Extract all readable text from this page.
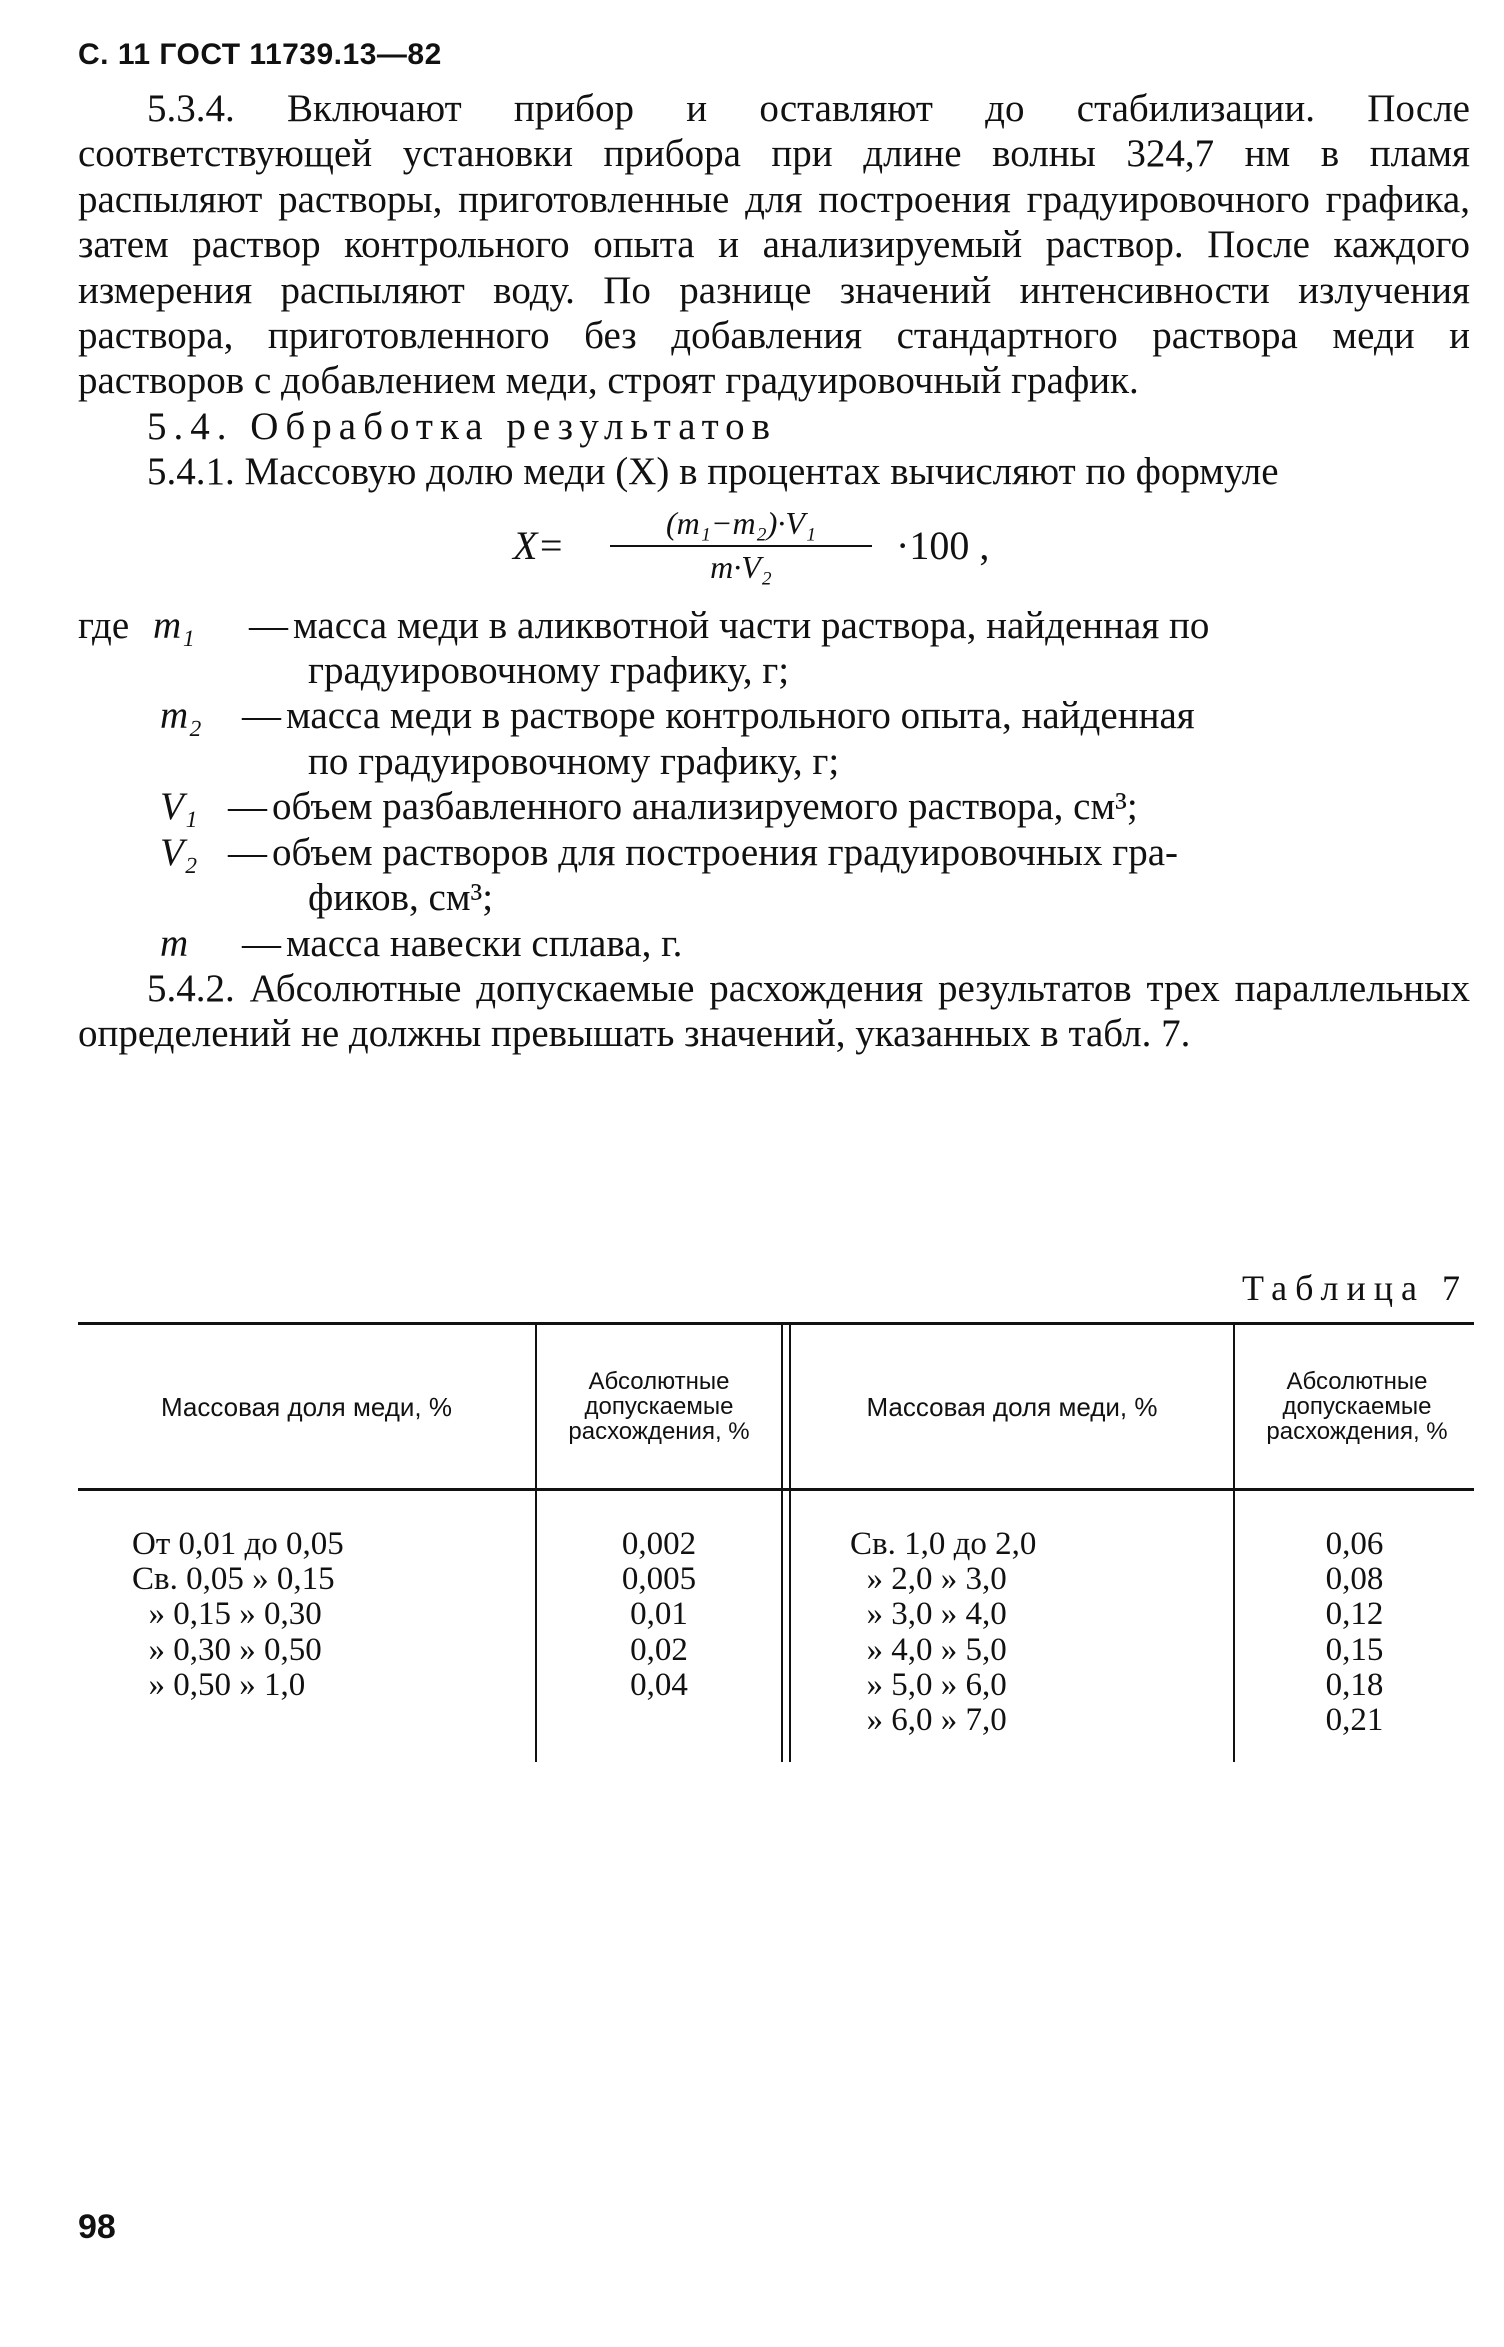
С. 11 ГОСТ 11739.13—82
5.3.4. Включают прибор и оставляют до стабилизации. После соответствующей установки прибора при длине волны 324,7 нм в пламя распыляют растворы, приготовленные для построения градуировочного графика, затем раствор контрольного опыта и анализируемый раствор. После каждого измерения распыляют воду. По разнице значений интенсивности излучения раствора, приготовленного без добавления стандартного раствора меди и растворов с добавлением меди, строят градуировочный график.
5.4. Обработка результатов
5.4.1. Массовую долю меди (X) в процентах вычисляют по формуле
$X= \frac{\text{(m₁−m₂)·V₁}}{\text{m·V₂}} \cdot 100$ ,
где m₁ — масса меди в аликвотной части раствора, найденная по
градуировочному графику, г;
m₂ — масса меди в растворе контрольного опыта, найденная
по градуировочному графику, г;
V₁ — объем разбавленного анализируемого раствора, см³;
V₂ — объем растворов для построения градуировочных гра-
фиков, см³;
m — масса навески сплава, г.
5.4.2. Абсолютные допускаемые расхождения результатов трех параллельных определений не должны превышать значений, указанных в табл. 7.
Таблица 7
Массовая доля меди, %
Абсолютные допускаемые расхождения, %
Массовая доля меди, %
Абсолютные допускаемые расхождения, %
От 0,01 до 0,05
Св. 0,05 » 0,15
» 0,15 » 0,30
» 0,30 » 0,50
» 0,50 » 1,0
0,002
0,005
0,01
0,02
0,04
Св. 1,0 до 2,0
» 2,0 » 3,0
» 3,0 » 4,0
» 4,0 » 5,0
» 5,0 » 6,0
» 6,0 » 7,0
0,06
0,08
0,12
0,15
0,18
0,21
98
